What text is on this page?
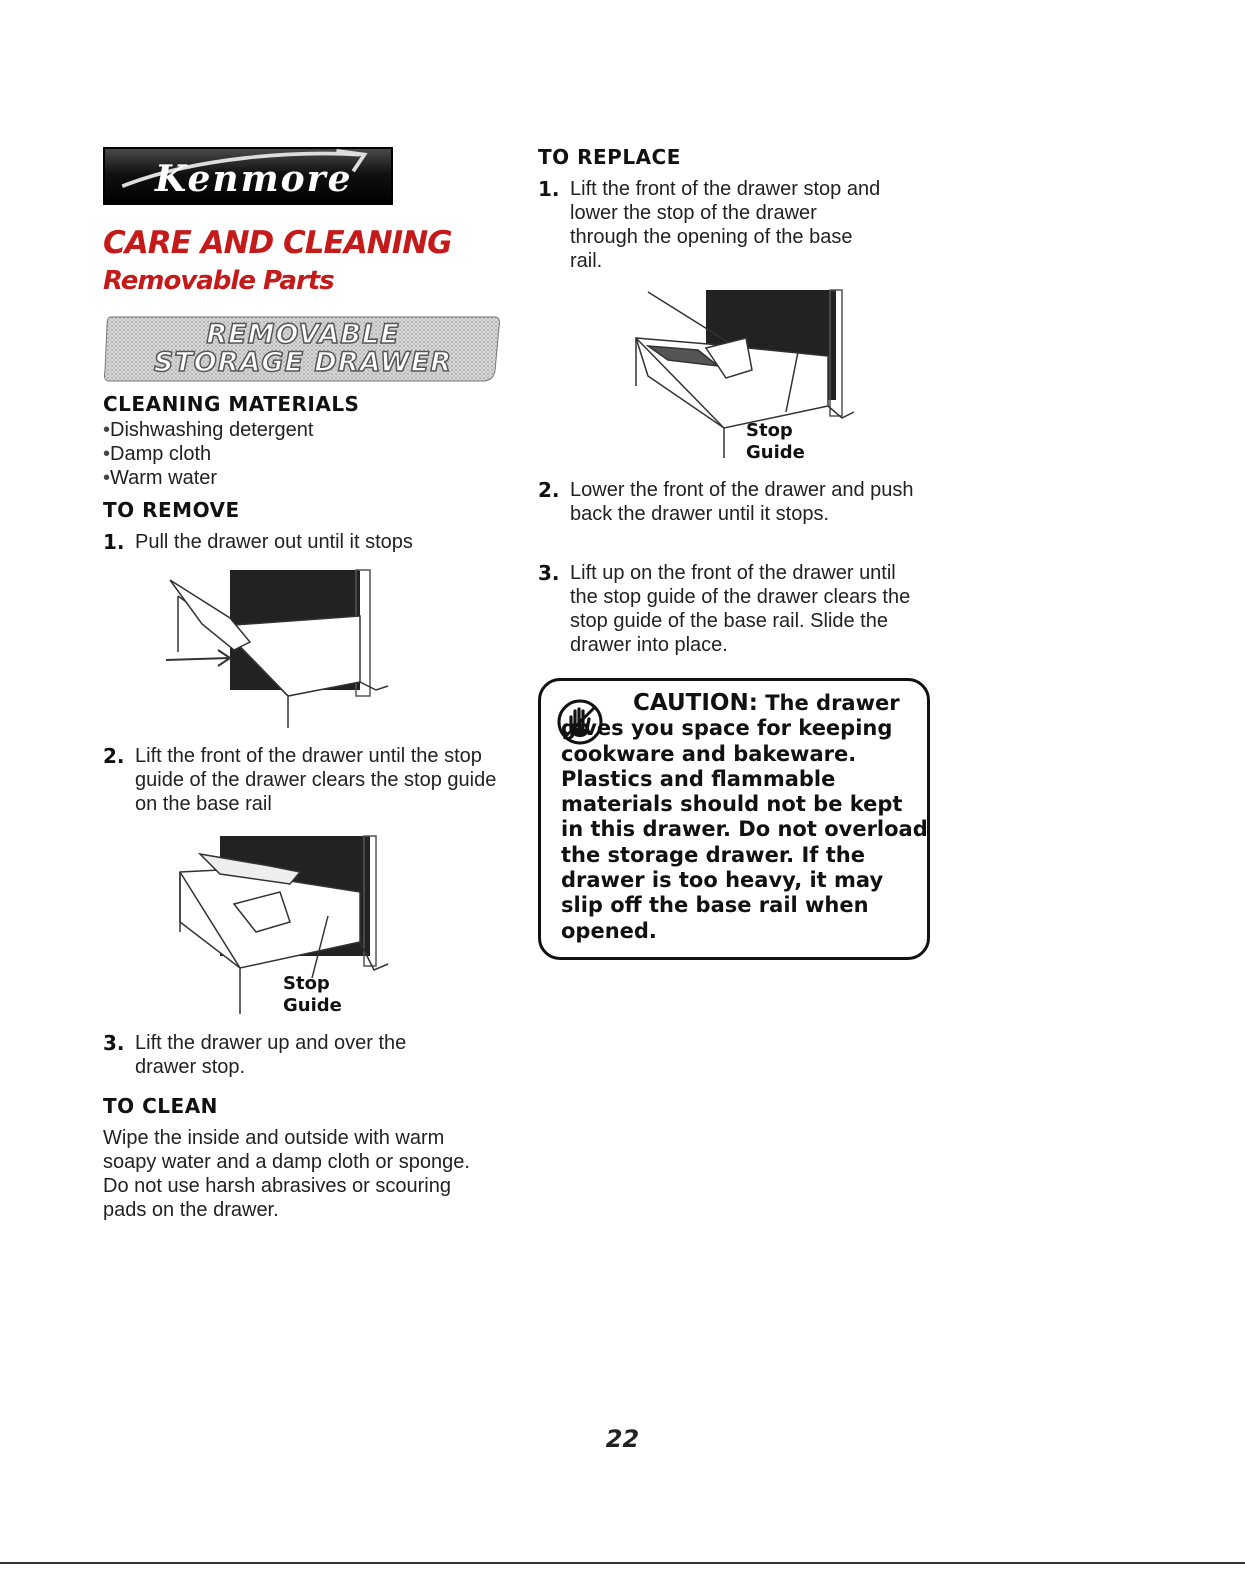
Kenmore
CARE AND CLEANING
Removable Parts
REMOVABLE
STORAGE DRAWER
CLEANING MATERIALS
• Dishwashing detergent
• Damp cloth
• Warm water
TO REMOVE
1. Pull the drawer out until it stops
2. Lift the front of the drawer until the stop guide of the drawer clears the stop guide on the base rail
Stop
Guide
3. Lift the drawer up and over the drawer stop.
TO CLEAN
Wipe the inside and outside with warm soapy water and a damp cloth or sponge. Do not use harsh abrasives or scouring pads on the drawer.
TO REPLACE
1. Lift the front of the drawer stop and lower the stop of the drawer through the opening of the base rail.
Stop
Guide
2. Lower the front of the drawer and push back the drawer until it stops.
3. Lift up on the front of the drawer until the stop guide of the drawer clears the stop guide of the base rail. Slide the drawer into place.
CAUTION: The drawer gives you space for keeping cookware and bakeware. Plastics and flammable materials should not be kept in this drawer. Do not overload the storage drawer. If the drawer is too heavy, it may slip off the base rail when opened.
22
